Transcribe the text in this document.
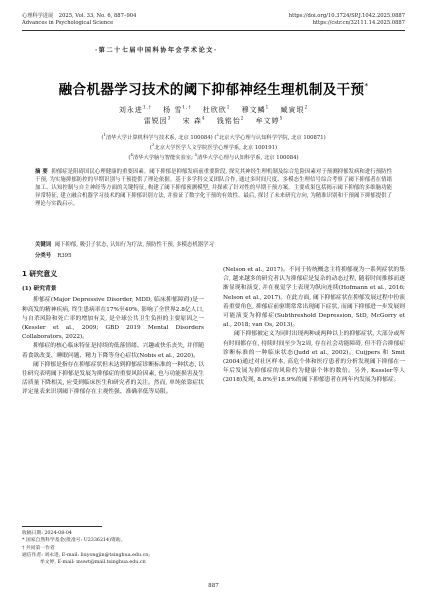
心理科学进展 2025, Vol. 33, No. 6, 887–904
Advances in Psychological Science
https://doi.org/10.3724/SP.J.1042.2025.0887
https://cstr.cn/32111.14.2025.0887
·第二十七届中国科协年会学术论文·
融合机器学习技术的阈下抑郁神经生理机制及干预*
刘永进$^{1,\dagger}$  杨 雪$^{1,\dagger}$  杜欣欣$^1$  穆文鳞$^1$  臧寅垠$^2$
雷锐因$^3$  宋 森$^4$  钱铭怡$^2$  牟文婷$^5$
($^1$清华大学计算机科学与技术系, 北京 100084) ($^2$北京大学心理与认知科学学院, 北京 100871)
($^3$北京大学医学人文学院医学心理学系, 北京 100191)
($^4$清华大学脑与智能实验室; $^5$清华大学心理与认知科学系, 北京 100084)
摘 要 抑郁症是阻碍国民心理健康的重要因素。阈下抑郁是抑郁发病前重要阶段, 探究其神经生理机制及综合危险因素对于预测抑郁发病和进行预防性干预, 为实施抑郁防控的早期识别与干预提供了理论依据。基于多学科交叉团队合作, 通过多时间尺度、多模态生理信号综合考察了阈下抑郁者在情绪加工、认知控制与自主神经等方面的关键特征, 构建了阈下抑郁预测模型, 并探索了针对性的早期干预方案。主要成果包括揭示阈下抑郁的多维脑功能异常特征, 建立融合机器学习技术的阈下抑郁识别方法, 并验证了数字化干预的有效性。最后, 探讨了未来研究方向, 为精准识别和干预阈下抑郁提供了理论与实践启示。
关键词 阈下抑郁, 吸引子状态, 认知行为疗法, 预防性干预, 多模态机器学习
分类号 R395
1 研究意义
(1) 研究背景

抑郁症(Major Depressive Disorder, MDD, 临床抑郁障碍)是一种高发的精神疾病, 终生患病率在17%至40%, 影响了全世界2.8亿人口, 与自杀风险和死亡率的增加有关, 是全球公共卫生负担的主要原因之一(Kessler et al., 2009; GBD 2019 Mental Disorders Collaborators, 2022)。

抑郁症的核心临床特征是持续的低落情绪、兴趣或快乐丧失, 并伴随着食欲改变、睡眠问题、精力下降等身心症状(Nobis et al., 2020)。

阈下抑郁是指存在抑郁症状但未达到抑郁症诊断标准的一种状态, 以往研究表明阈下抑郁是发展为抑郁症的重要风险因素, 也与功能损害及生活质量下降相关, 应受到临床医生和研究者的关注。然而, 单纯依靠症状评定量表来识别阈下抑郁存在主观性强、准确率低等局限。

(Nelson et al., 2017)。不同于传统概念主将抑郁视为一系列症状的集合, 越来越多的研究者认为抑郁症是复杂的动态过程, 随着时间推移而逐渐显现和演变, 并在视觉学上表现为纵向连续(Hofmann et al., 2016; Nelson et al., 2017)。在此方面, 阈下抑郁症状在抑郁发展过程中扮演着重要角色, 抑郁症前驱期常常出现阈下症状, 而阈下抑郁进一步发展则可能演变为抑郁症(Subthreshold Depression, StD, McGorry et al., 2018; van Os, 2013)。

阈下抑郁被定义为同时出现两种或两种以上的抑郁症状, 大部分或所有时间都存在, 持续时间至少为2周, 存在社会功能障碍, 但不符合抑郁症诊断标准的一种临床状态(Judd et al., 2002)。Cuijpers 和 Smit (2004)通过对社区样本, 高危个体和医疗患者的分析发现阈下抑郁在一年后发展为抑郁症的风险约为健康个体的数倍。另外, Kessler等人(2018)发现, 8.8%至18.9%的阈下抑郁患者在两年内发展为抑郁症。

收稿日期: 2024-08-04
* 国家自然科学基金(批准号: U2336214)资助。
† 共同第一作者
通信作者: 刘永进, E-mail: liuyongjin@tsinghua.edu.cn;
牟文婷, E-mail: muwt@mail.tsinghua.edu.cn
887
